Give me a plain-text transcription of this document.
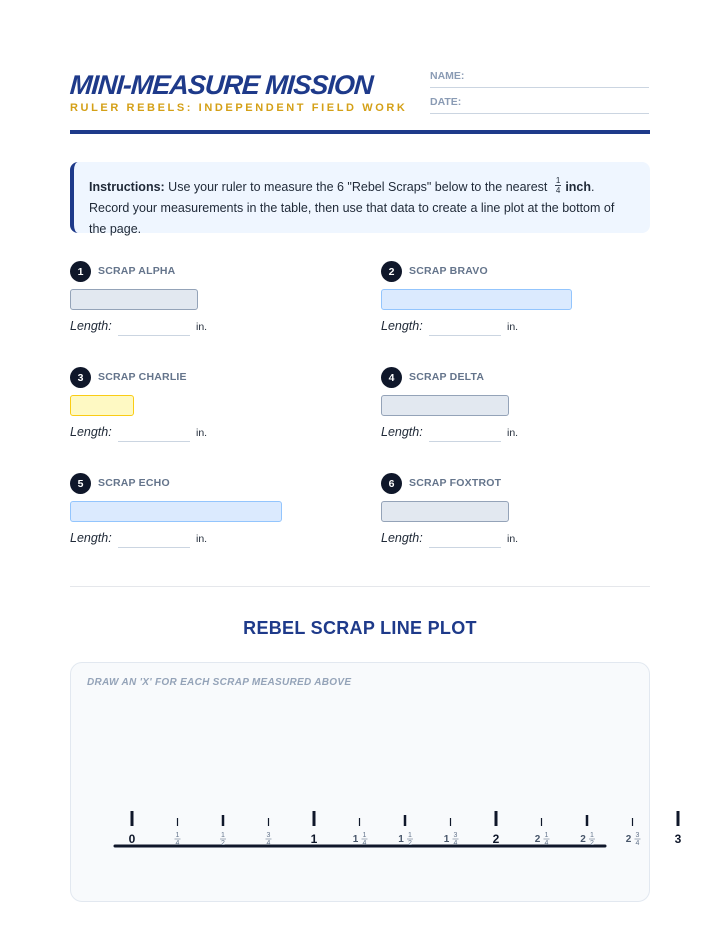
MINI-MEASURE MISSION
RULER REBELS: INDEPENDENT FIELD WORK
NAME:
DATE:
Instructions: Use your ruler to measure the 6 "Rebel Scraps" below to the nearest $\frac{1}{4}$ inch. Record your measurements in the table, then use that data to create a line plot at the bottom of the page.
1	SCRAP ALPHA
Length:	in.
2	SCRAP BRAVO
Length:	in.
3	SCRAP CHARLIE
Length:	in.
4	SCRAP DELTA
Length:	in.
5	SCRAP ECHO
Length:	in.
6	SCRAP FOXTROT
Length:	in.
REBEL SCRAP LINE PLOT
DRAW AN 'X' FOR EACH SCRAP MEASURED ABOVE
0	1
4
1
2
3
4	1	1 1
4	1 1
2	1 3
4	2	2 1
4	2 1
2	2 3
4	3
